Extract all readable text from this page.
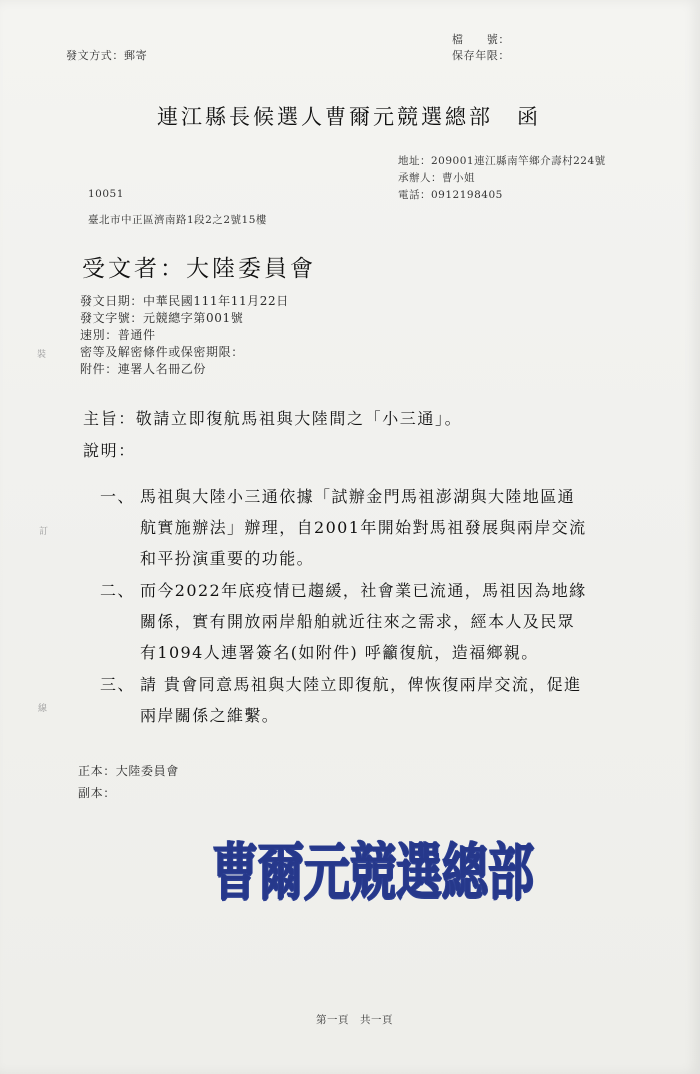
裝
訂
線
發文方式：郵寄
檔　　號：
保存年限：
連江縣長候選人曹爾元競選總部　函
地址：209001連江縣南竿鄉介壽村224號
承辦人：曹小姐
電話：0912198405
10051
臺北市中正區濟南路1段2之2號15樓
受文者：大陸委員會
發文日期：中華民國111年11月22日
發文字號：元競總字第001號
速別：普通件
密等及解密條件或保密期限：
附件：連署人名冊乙份
主旨：敬請立即復航馬祖與大陸間之「小三通」。
說明：
一、 馬祖與大陸小三通依據「試辦金門馬祖澎湖與大陸地區通
航實施辦法」辦理，自2001年開始對馬祖發展與兩岸交流
和平扮演重要的功能。
二、 而今2022年底疫情已趨緩，社會業已流通，馬祖因為地緣
關係，實有開放兩岸船舶就近往來之需求，經本人及民眾
有1094人連署簽名(如附件) 呼籲復航，造福鄉親。
三、 請 貴會同意馬祖與大陸立即復航，俾恢復兩岸交流，促進
兩岸關係之維繫。
正本：大陸委員會
副本：
曹 爾 元 競 選 總 部
第一頁　共一頁
